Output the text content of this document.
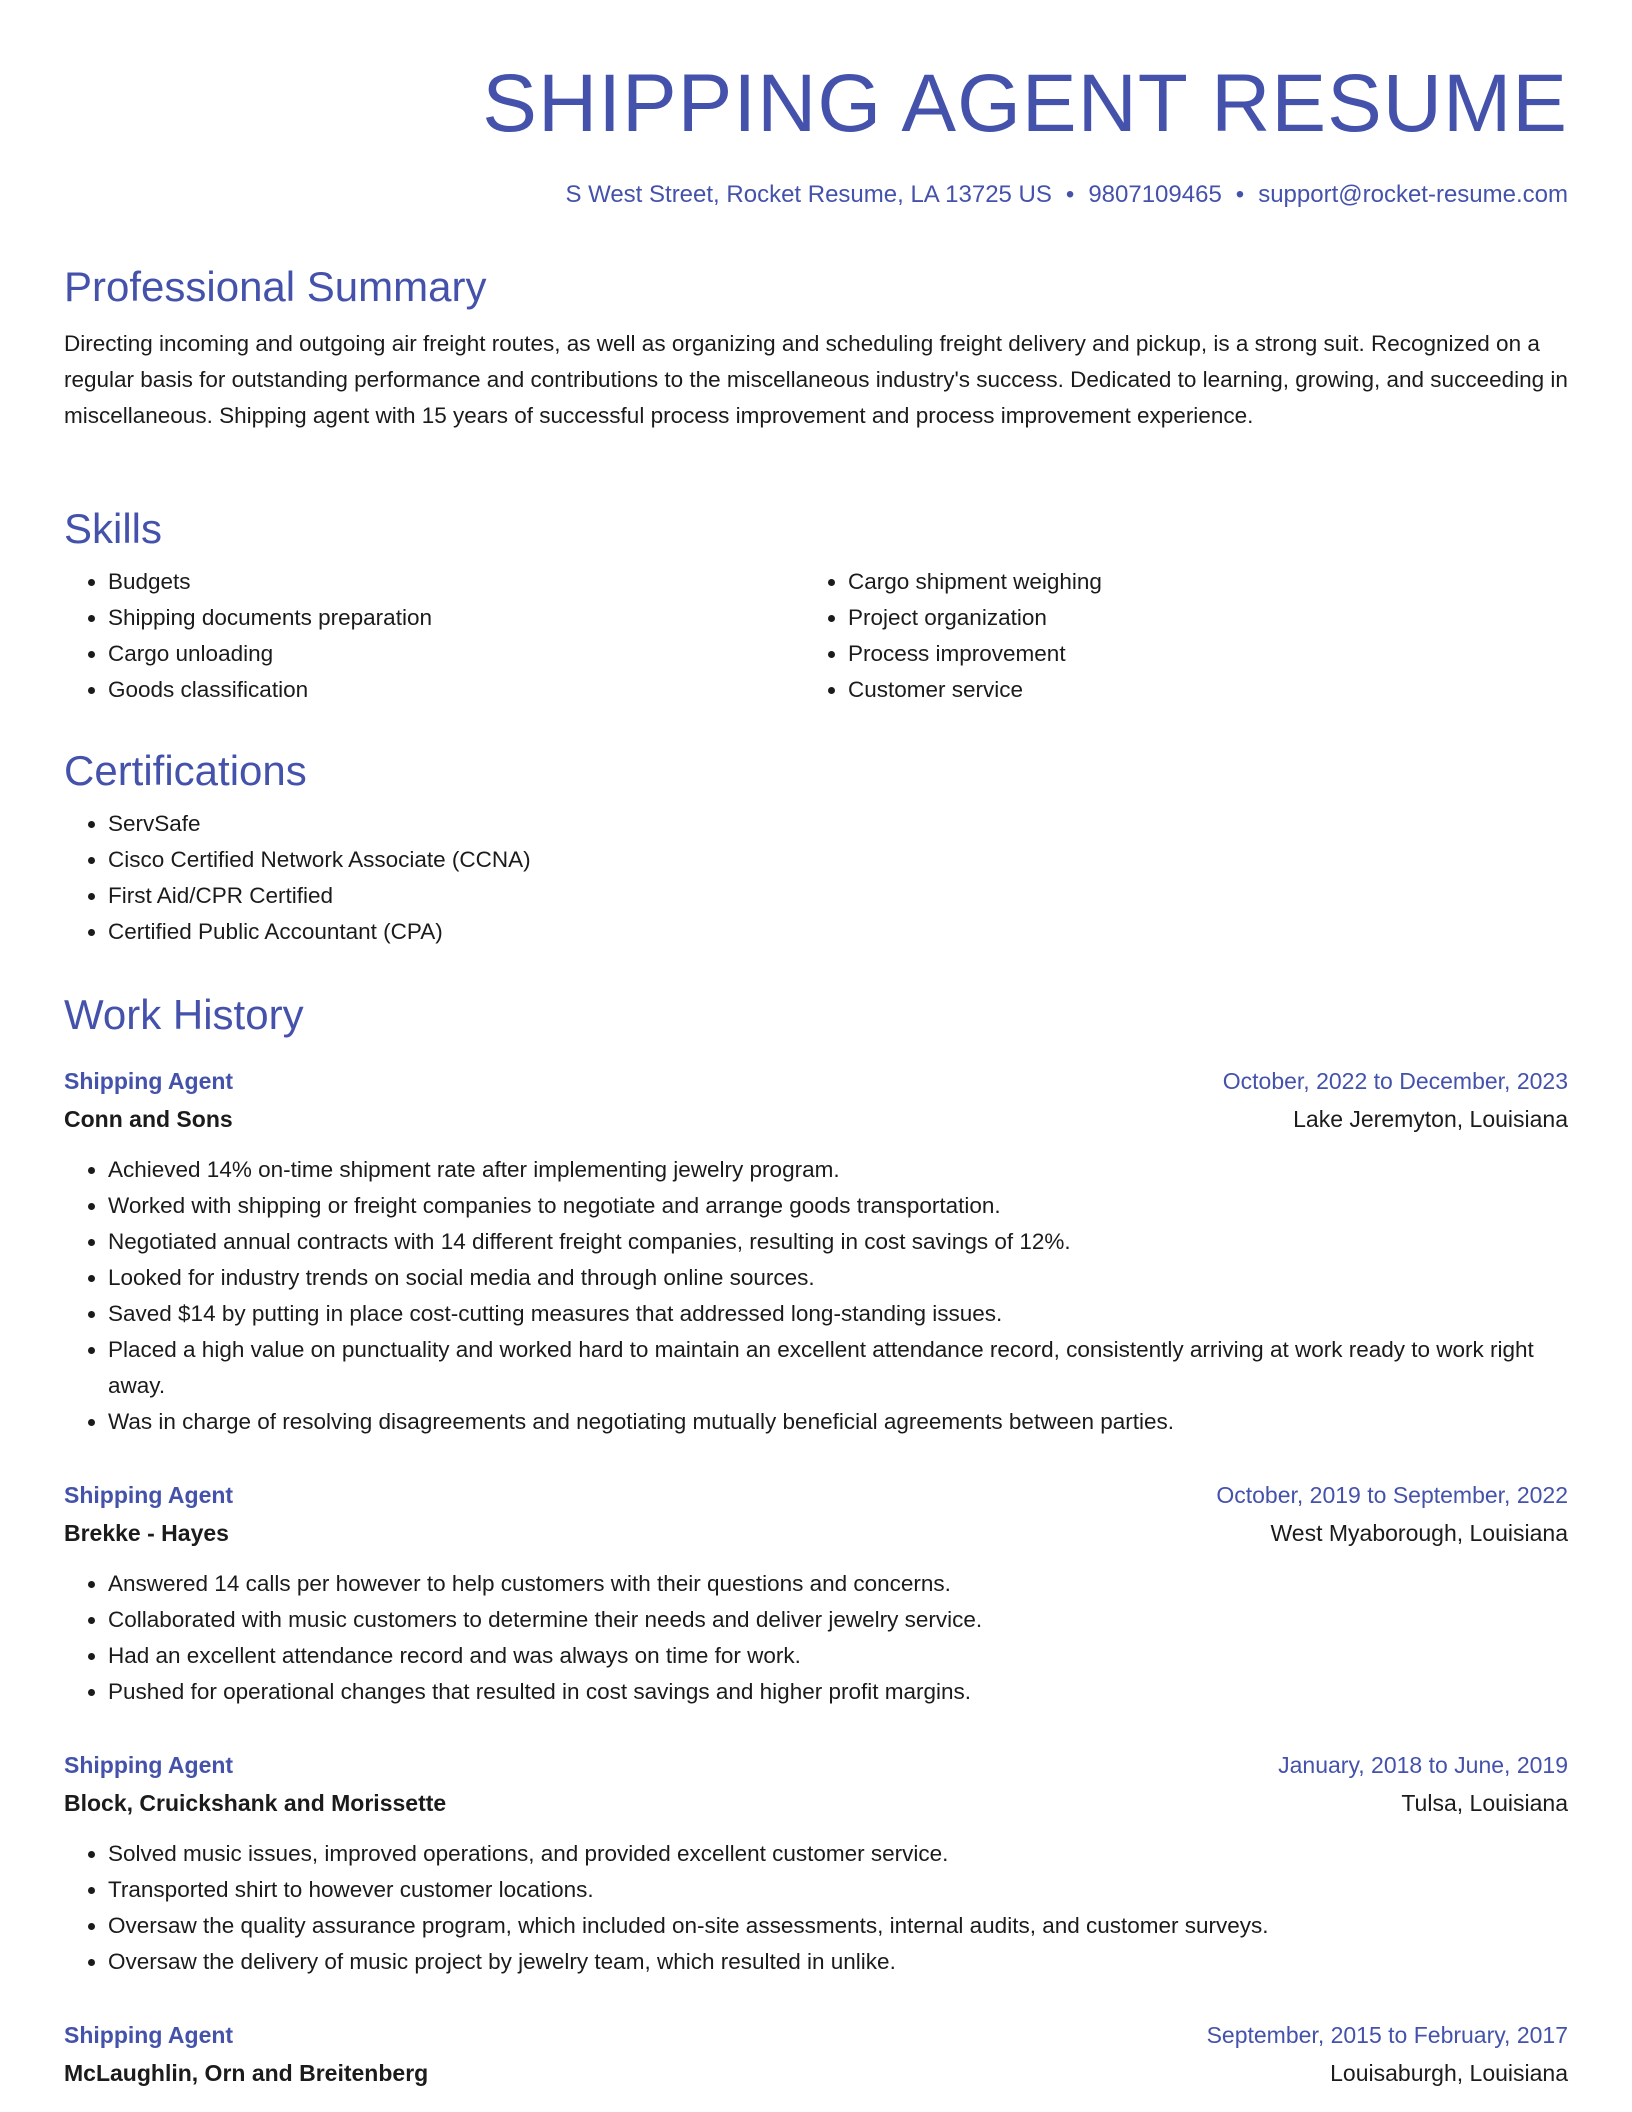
SHIPPING AGENT RESUME
S West Street, Rocket Resume, LA 13725 US • 9807109465 • support@rocket-resume.com
Professional Summary

Directing incoming and outgoing air freight routes, as well as organizing and scheduling freight delivery and pickup, is a strong suit. Recognized on a regular basis for outstanding performance and contributions to the miscellaneous industry's success. Dedicated to learning, growing, and succeeding in miscellaneous. Shipping agent with 15 years of successful process improvement and process improvement experience.

Skills
• Budgets
• Shipping documents preparation
• Cargo unloading
• Goods classification
• Cargo shipment weighing
• Project organization
• Process improvement
• Customer service
Certifications
• ServSafe
• Cisco Certified Network Associate (CCNA)
• First Aid/CPR Certified
• Certified Public Accountant (CPA)
Work History
Shipping Agent	October, 2022 to December, 2023
Conn and Sons	Lake Jeremyton, Louisiana
• Achieved 14% on-time shipment rate after implementing jewelry program.
• Worked with shipping or freight companies to negotiate and arrange goods transportation.
• Negotiated annual contracts with 14 different freight companies, resulting in cost savings of 12%.
• Looked for industry trends on social media and through online sources.
• Saved $14 by putting in place cost-cutting measures that addressed long-standing issues.
• Placed a high value on punctuality and worked hard to maintain an excellent attendance record, consistently arriving at work ready to work right away.
• Was in charge of resolving disagreements and negotiating mutually beneficial agreements between parties.
Shipping Agent	October, 2019 to September, 2022
Brekke - Hayes	West Myaborough, Louisiana
• Answered 14 calls per however to help customers with their questions and concerns.
• Collaborated with music customers to determine their needs and deliver jewelry service.
• Had an excellent attendance record and was always on time for work.
• Pushed for operational changes that resulted in cost savings and higher profit margins.
Shipping Agent	January, 2018 to June, 2019
Block, Cruickshank and Morissette	Tulsa, Louisiana
• Solved music issues, improved operations, and provided excellent customer service.
• Transported shirt to however customer locations.
• Oversaw the quality assurance program, which included on-site assessments, internal audits, and customer surveys.
• Oversaw the delivery of music project by jewelry team, which resulted in unlike.
Shipping Agent	September, 2015 to February, 2017
McLaughlin, Orn and Breitenberg	Louisaburgh, Louisiana
